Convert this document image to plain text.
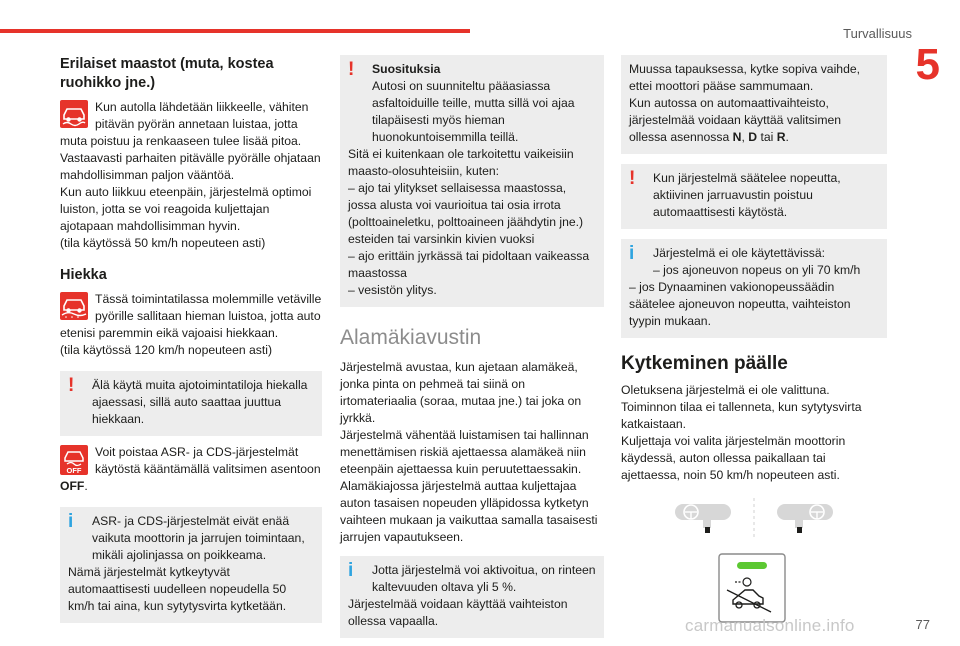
Turvallisuus
5
Erilaiset maastot (muta, kostea ruohikko jne.)

Kun autolla lähdetään liikkeelle, vähiten pitävän pyörän annetaan luistaa, jotta

muta poistuu ja renkaaseen tulee lisää pitoa. Vastaavasti parhaiten pitävälle pyörälle ohjataan mahdollisimman paljon vääntöä.

Kun auto liikkuu eteenpäin, järjestelmä optimoi luiston, jotta se voi reagoida kuljettajan ajotapaan mahdollisimman hyvin.

(tila käytössä 50 km/h nopeuteen asti)

Hiekka

Tässä toimintatilassa molemmille vetäville pyörille sallitaan hieman luistoa, jotta auto

etenisi paremmin eikä vajoaisi hiekkaan.

(tila käytössä 120 km/h nopeuteen asti)

!	Älä käytä muita ajotoimintatiloja hiekalla ajaessasi, sillä auto saattaa juuttua hiekkaan.

OFF

Voit poistaa ASR- ja CDS-järjestelmät käytöstä kääntämällä valitsimen asentoon
OFF.

i	ASR- ja CDS-järjestelmät eivät enää vaikuta moottorin ja jarrujen toimintaan, mikäli ajolinjassa on poikkeama.

Nämä järjestelmät kytkeytyvät automaattisesti uudelleen nopeudella 50 km/h tai aina, kun sytytysvirta kytketään.

!	Suosituksia

Autosi on suunniteltu pääasiassa asfaltoiduille teille, mutta sillä voi ajaa tilapäisesti myös hieman huonokuntoisemmilla teillä.

Sitä ei kuitenkaan ole tarkoitettu vaikeisiin maasto-olosuhteisiin, kuten:

– ajo tai ylitykset sellaisessa maastossa, jossa alusta voi vaurioitua tai osia irrota (polttoaineletku, polttoaineen jäähdytin jne.) esteiden tai varsinkin kivien vuoksi

– ajo erittäin jyrkässä tai pidoltaan vaikeassa maastossa

– vesistön ylitys.

Alamäkiavustin

Järjestelmä avustaa, kun ajetaan alamäkeä, jonka pinta on pehmeä tai siinä on irtomateriaalia (soraa, mutaa jne.) tai joka on jyrkkä.

Järjestelmä vähentää luistamisen tai hallinnan menettämisen riskiä ajettaessa alamäkeä niin eteenpäin ajettaessa kuin peruutettaessakin.

Alamäkiajossa järjestelmä auttaa kuljettajaa auton tasaisen nopeuden ylläpidossa kytketyn vaihteen mukaan ja vaikuttaa samalla tasaisesti jarrujen vapautukseen.

i	Jotta järjestelmä voi aktivoitua, on rinteen kaltevuuden oltava yli 5 %.

Järjestelmää voidaan käyttää vaihteiston ollessa vapaalla.

Muussa tapauksessa, kytke sopiva vaihde, ettei moottori pääse sammumaan.

Kun autossa on automaattivaihteisto, järjestelmää voidaan käyttää valitsimen ollessa asennossa N, D tai R.

!	Kun järjestelmä säätelee nopeutta, aktiivinen jarruavustin poistuu automaattisesti käytöstä.

i	Järjestelmä ei ole käytettävissä:

– jos ajoneuvon nopeus on yli 70 km/h

– jos Dynaaminen vakionopeussäädin säätelee ajoneuvon nopeutta, vaihteiston tyypin mukaan.

Kytkeminen päälle

Oletuksena järjestelmä ei ole valittuna.

Toiminnon tilaa ei tallenneta, kun sytytysvirta katkaistaan.

Kuljettaja voi valita järjestelmän moottorin käydessä, auton ollessa paikallaan tai ajettaessa, noin 50 km/h nopeuteen asti.

carmanualsonline.info	77
